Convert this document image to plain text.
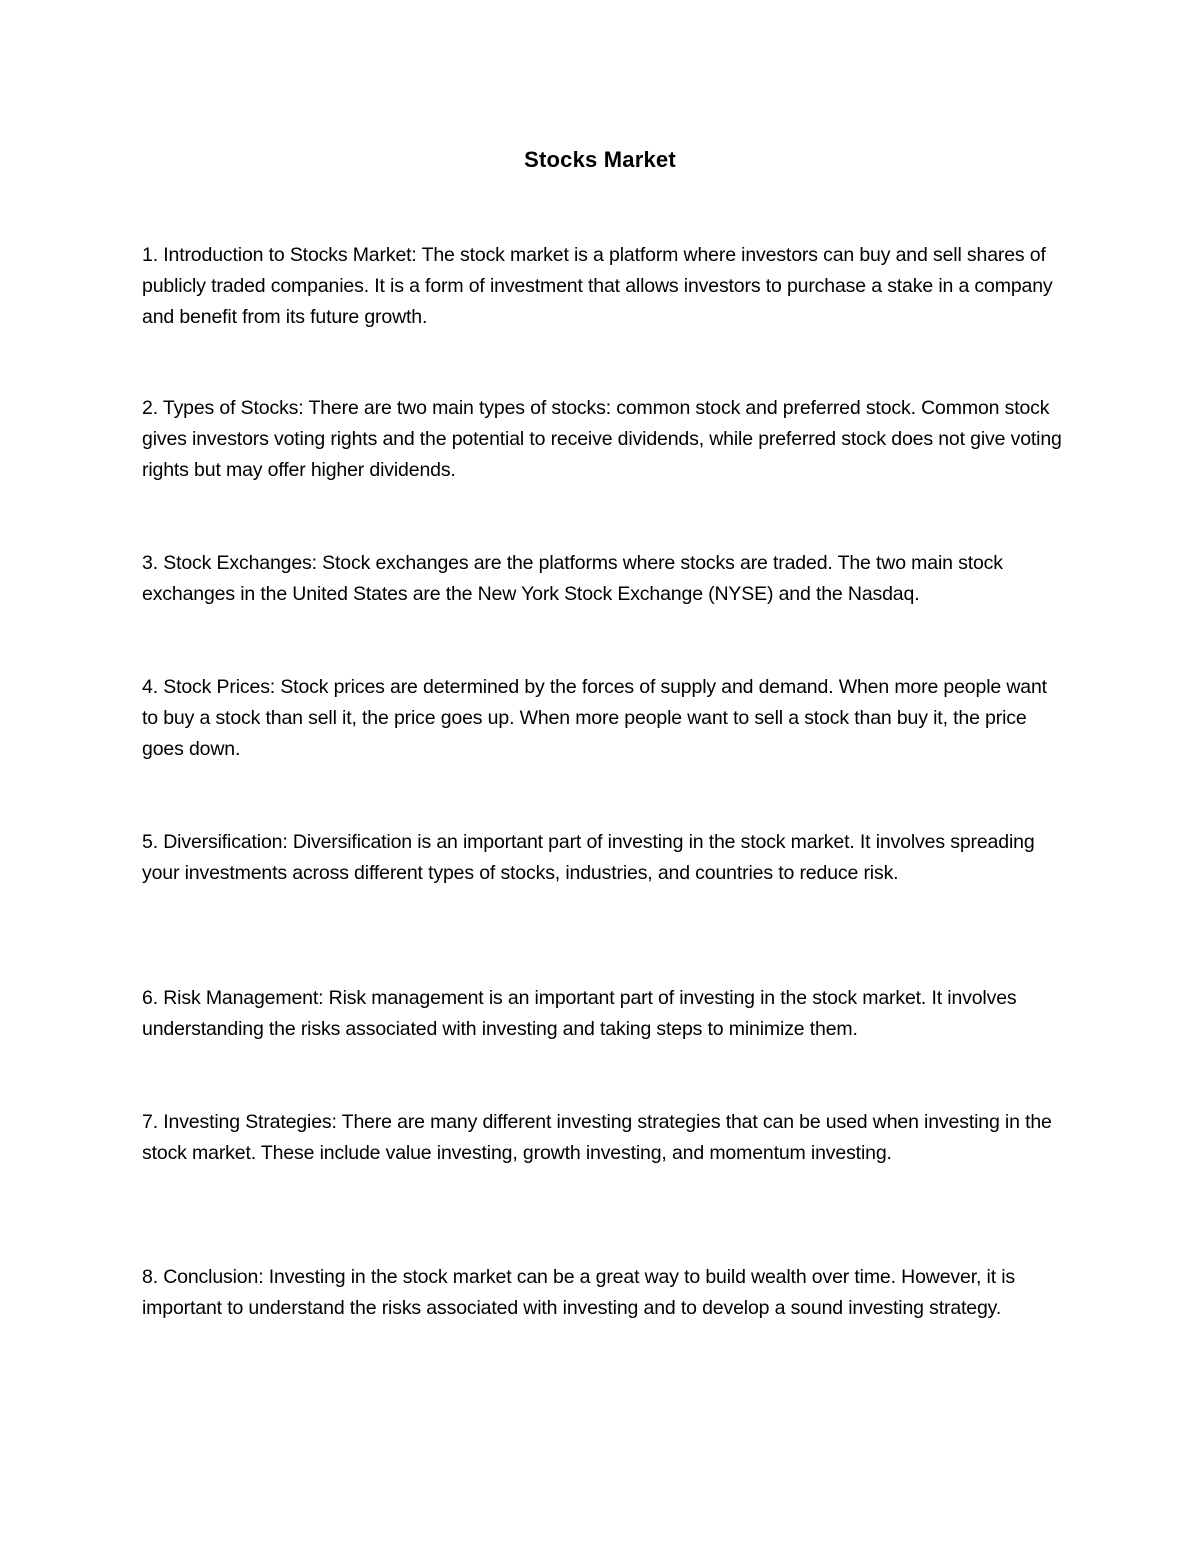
Stocks Market

1. Introduction to Stocks Market: The stock market is a platform where investors can buy and sell shares of publicly traded companies. It is a form of investment that allows investors to purchase a stake in a company and benefit from its future growth.

2. Types of Stocks: There are two main types of stocks: common stock and preferred stock. Common stock gives investors voting rights and the potential to receive dividends, while preferred stock does not give voting rights but may offer higher dividends.

3. Stock Exchanges: Stock exchanges are the platforms where stocks are traded. The two main stock exchanges in the United States are the New York Stock Exchange (NYSE) and the Nasdaq.

4. Stock Prices: Stock prices are determined by the forces of supply and demand. When more people want to buy a stock than sell it, the price goes up. When more people want to sell a stock than buy it, the price goes down.

5. Diversification: Diversification is an important part of investing in the stock market. It involves spreading your investments across different types of stocks, industries, and countries to reduce risk.

6. Risk Management: Risk management is an important part of investing in the stock market. It involves understanding the risks associated with investing and taking steps to minimize them.

7. Investing Strategies: There are many different investing strategies that can be used when investing in the stock market. These include value investing, growth investing, and momentum investing.

8. Conclusion: Investing in the stock market can be a great way to build wealth over time. However, it is important to understand the risks associated with investing and to develop a sound investing strategy.
